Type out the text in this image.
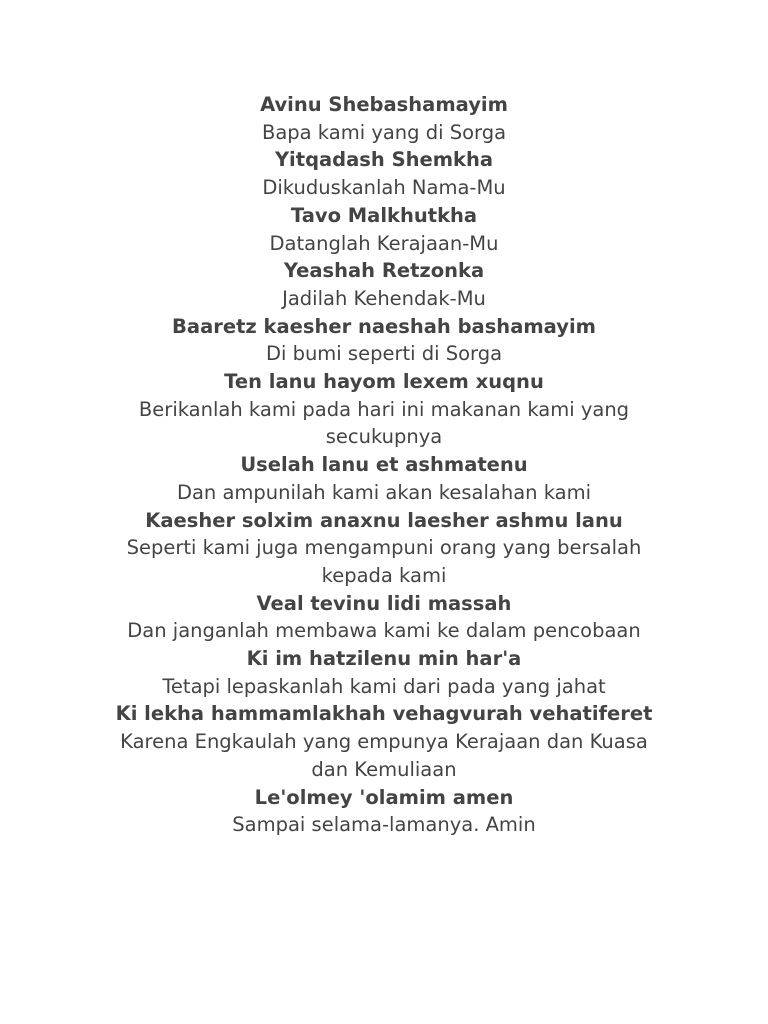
Avinu Shebashamayim
Bapa kami yang di Sorga
Yitqadash Shemkha
Dikuduskanlah Nama-Mu
Tavo Malkhutkha
Datanglah Kerajaan-Mu
Yeashah Retzonka
Jadilah Kehendak-Mu
Baaretz kaesher naeshah bashamayim
Di bumi seperti di Sorga
Ten lanu hayom lexem xuqnu
Berikanlah kami pada hari ini makanan kami yang secukupnya
Uselah lanu et ashmatenu
Dan ampunilah kami akan kesalahan kami
Kaesher solxim anaxnu laesher ashmu lanu
Seperti kami juga mengampuni orang yang bersalah kepada kami
Veal tevinu lidi massah
Dan janganlah membawa kami ke dalam pencobaan
Ki im hatzilenu min har'a
Tetapi lepaskanlah kami dari pada yang jahat
Ki lekha hammamlakhah vehagvurah vehatiferet
Karena Engkaulah yang empunya Kerajaan dan Kuasa dan Kemuliaan
Le'olmey 'olamim amen
Sampai selama-lamanya. Amin
